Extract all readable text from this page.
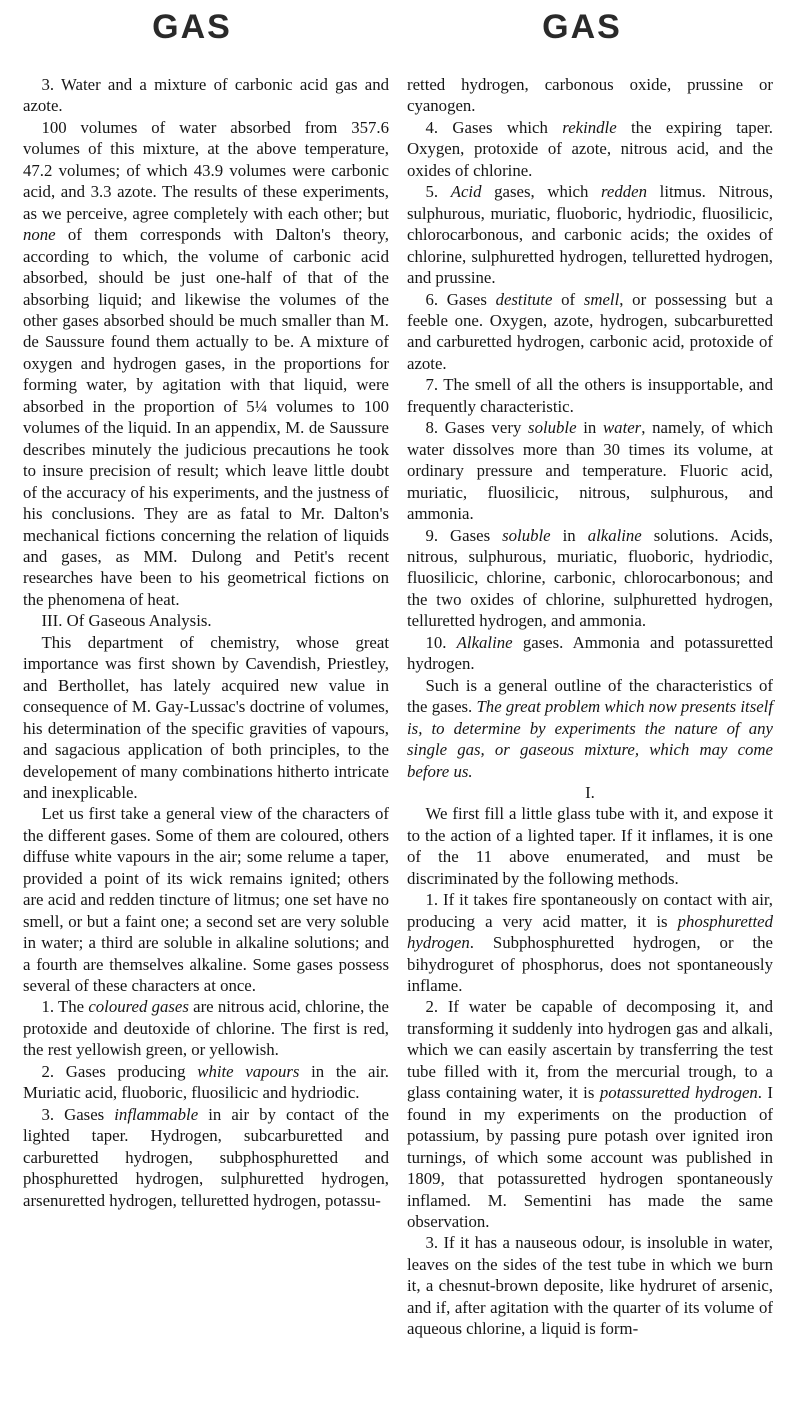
GAS	GAS

3. Water and a mixture of carbonic acid gas and azote.

100 volumes of water absorbed from 357.6 volumes of this mixture, at the above temperature, 47.2 volumes; of which 43.9 volumes were carbonic acid, and 3.3 azote. The results of these experiments, as we perceive, agree completely with each other; but none of them corresponds with Dalton's theory, according to which, the volume of carbonic acid absorbed, should be just one-half of that of the absorbing liquid; and likewise the volumes of the other gases absorbed should be much smaller than M. de Saussure found them actually to be. A mixture of oxygen and hydrogen gases, in the proportions for forming water, by agitation with that liquid, were absorbed in the proportion of 5¼ volumes to 100 volumes of the liquid. In an appendix, M. de Saussure describes minutely the judicious precautions he took to insure precision of result; which leave little doubt of the accuracy of his experiments, and the justness of his conclusions. They are as fatal to Mr. Dalton's mechanical fictions concerning the relation of liquids and gases, as MM. Dulong and Petit's recent researches have been to his geometrical fictions on the phenomena of heat.

III. Of Gaseous Analysis.

This department of chemistry, whose great importance was first shown by Cavendish, Priestley, and Berthollet, has lately acquired new value in consequence of M. Gay-Lussac's doctrine of volumes, his determination of the specific gravities of vapours, and sagacious application of both principles, to the developement of many combinations hitherto intricate and inexplicable.

Let us first take a general view of the characters of the different gases. Some of them are coloured, others diffuse white vapours in the air; some relume a taper, provided a point of its wick remains ignited; others are acid and redden tincture of litmus; one set have no smell, or but a faint one; a second set are very soluble in water; a third are soluble in alkaline solutions; and a fourth are themselves alkaline. Some gases possess several of these characters at once.

1. The coloured gases are nitrous acid, chlorine, the protoxide and deutoxide of chlorine. The first is red, the rest yellowish green, or yellowish.

2. Gases producing white vapours in the air. Muriatic acid, fluoboric, fluosilicic and hydriodic.

3. Gases inflammable in air by contact of the lighted taper. Hydrogen, subcarburetted and carburetted hydrogen, subphosphuretted and phosphuretted hydrogen, sulphuretted hydrogen, arsenuretted hydrogen, telluretted hydrogen, potassu-

retted hydrogen, carbonous oxide, prussine or cyanogen.

4. Gases which rekindle the expiring taper. Oxygen, protoxide of azote, nitrous acid, and the oxides of chlorine.

5. Acid gases, which redden litmus. Nitrous, sulphurous, muriatic, fluoboric, hydriodic, fluosilicic, chlorocarbonous, and carbonic acids; the oxides of chlorine, sulphuretted hydrogen, telluretted hydrogen, and prussine.

6. Gases destitute of smell, or possessing but a feeble one. Oxygen, azote, hydrogen, subcarburetted and carburetted hydrogen, carbonic acid, protoxide of azote.

7. The smell of all the others is insupportable, and frequently characteristic.

8. Gases very soluble in water, namely, of which water dissolves more than 30 times its volume, at ordinary pressure and temperature. Fluoric acid, muriatic, fluosilicic, nitrous, sulphurous, and ammonia.

9. Gases soluble in alkaline solutions. Acids, nitrous, sulphurous, muriatic, fluoboric, hydriodic, fluosilicic, chlorine, carbonic, chlorocarbonous; and the two oxides of chlorine, sulphuretted hydrogen, telluretted hydrogen, and ammonia.

10. Alkaline gases. Ammonia and potassuretted hydrogen.

Such is a general outline of the characteristics of the gases. The great problem which now presents itself is, to determine by experiments the nature of any single gas, or gaseous mixture, which may come before us.

I.

We first fill a little glass tube with it, and expose it to the action of a lighted taper. If it inflames, it is one of the 11 above enumerated, and must be discriminated by the following methods.

1. If it takes fire spontaneously on contact with air, producing a very acid matter, it is phosphuretted hydrogen. Subphosphuretted hydrogen, or the bihydroguret of phosphorus, does not spontaneously inflame.

2. If water be capable of decomposing it, and transforming it suddenly into hydrogen gas and alkali, which we can easily ascertain by transferring the test tube filled with it, from the mercurial trough, to a glass containing water, it is potassuretted hydrogen. I found in my experiments on the production of potassium, by passing pure potash over ignited iron turnings, of which some account was published in 1809, that potassuretted hydrogen spontaneously inflamed. M. Sementini has made the same observation.

3. If it has a nauseous odour, is insoluble in water, leaves on the sides of the test tube in which we burn it, a chesnut-brown deposite, like hydruret of arsenic, and if, after agitation with the quarter of its volume of aqueous chlorine, a liquid is form-
